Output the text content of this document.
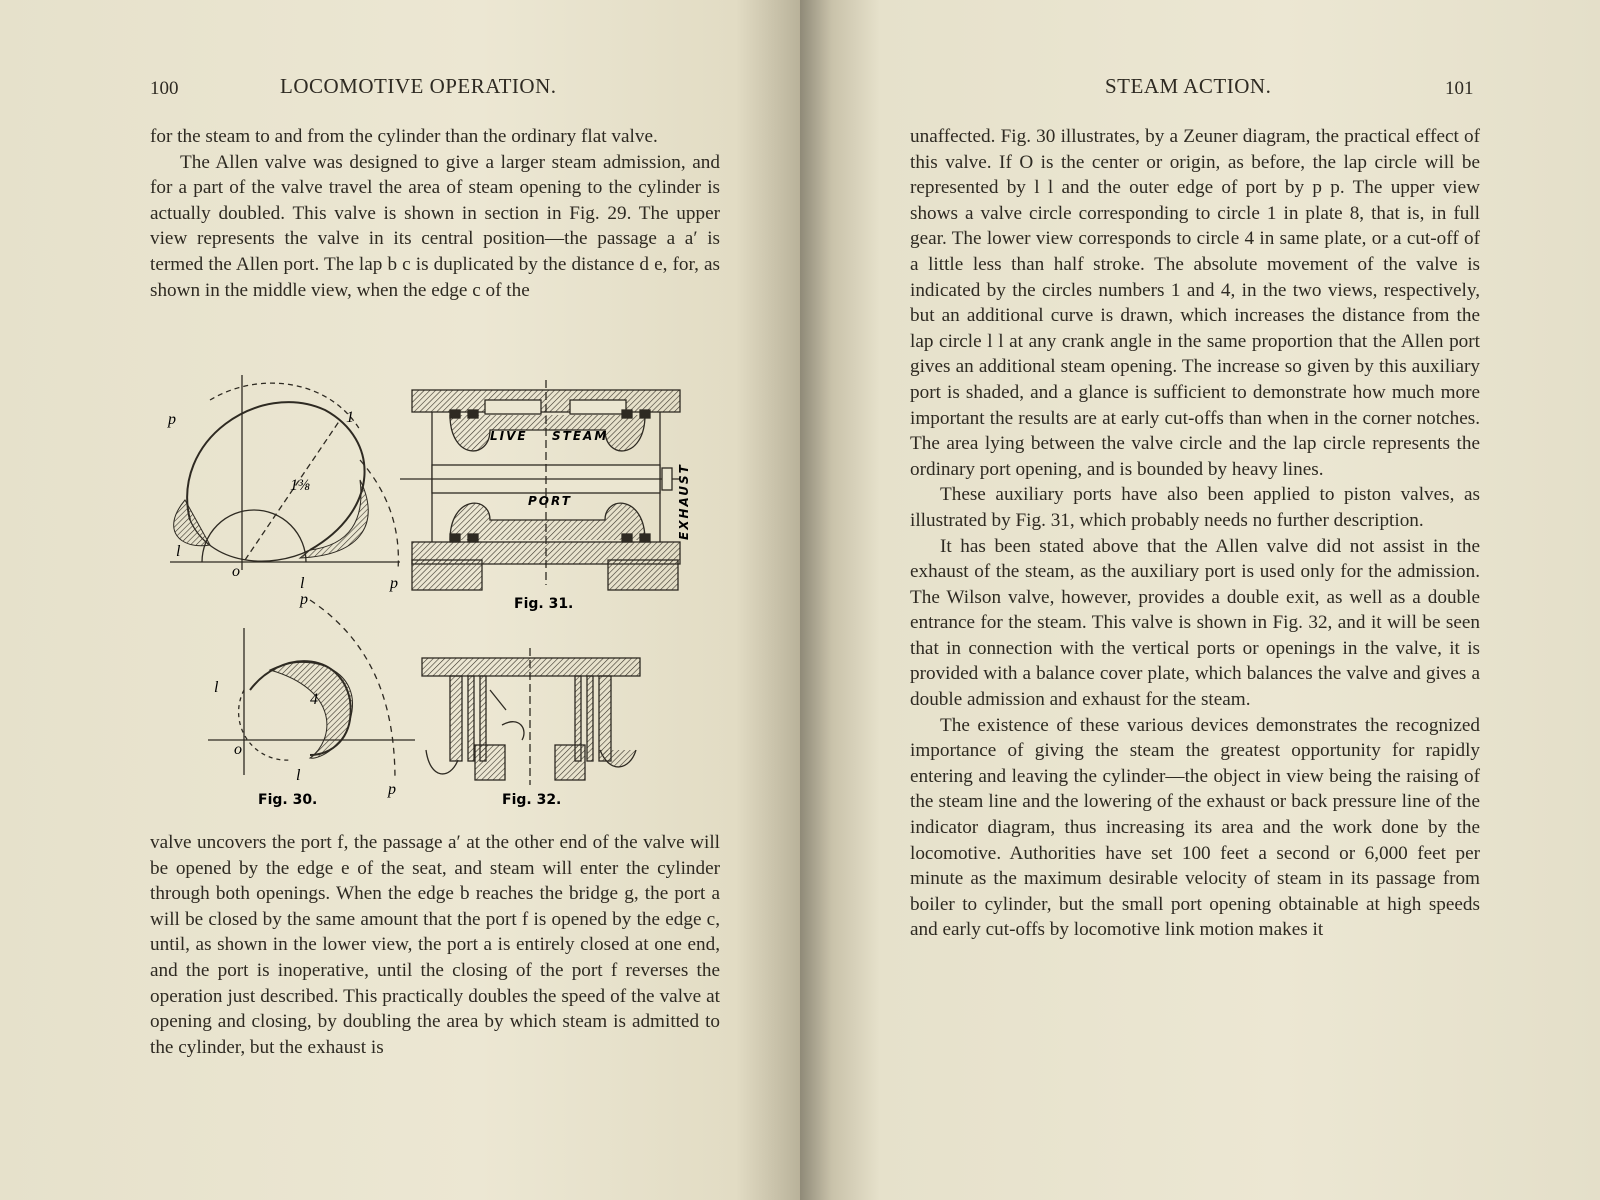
100	LOCOMOTIVE OPERATION.

for the steam to and from the cylinder than the ordinary flat valve.

The Allen valve was designed to give a larger steam admission, and for a part of the valve travel the area of steam opening to the cylinder is actually doubled. This valve is shown in section in Fig. 29. The upper view represents the valve in its central position—the passage a a′ is termed the Allen port. The lap b c is duplicated by the distance d e, for, as shown in the middle view, when the edge c of the

p	1
1⅜
l
o
l	p
p
l
4
o
l
p
Fig. 30.
LIVE STEAM
PORT	EXHAUST
Fig. 31.
Fig. 32.

valve uncovers the port f, the passage a′ at the other end of the valve will be opened by the edge e of the seat, and steam will enter the cylinder through both openings. When the edge b reaches the bridge g, the port a will be closed by the same amount that the port f is opened by the edge c, until, as shown in the lower view, the port a is entirely closed at one end, and the port is inoperative, until the closing of the port f reverses the operation just described. This practically doubles the speed of the valve at opening and closing, by doubling the area by which steam is admitted to the cylinder, but the exhaust is

STEAM ACTION.	101

unaffected. Fig. 30 illustrates, by a Zeuner diagram, the practical effect of this valve. If O is the center or origin, as before, the lap circle will be represented by l l and the outer edge of port by p p. The upper view shows a valve circle corresponding to circle 1 in plate 8, that is, in full gear. The lower view corresponds to circle 4 in same plate, or a cut-off of a little less than half stroke. The absolute movement of the valve is indicated by the circles numbers 1 and 4, in the two views, respectively, but an additional curve is drawn, which increases the distance from the lap circle l l at any crank angle in the same proportion that the Allen port gives an additional steam opening. The increase so given by this auxiliary port is shaded, and a glance is sufficient to demonstrate how much more important the results are at early cut-offs than when in the corner notches. The area lying between the valve circle and the lap circle represents the ordinary port opening, and is bounded by heavy lines.

These auxiliary ports have also been applied to piston valves, as illustrated by Fig. 31, which probably needs no further description.

It has been stated above that the Allen valve did not assist in the exhaust of the steam, as the auxiliary port is used only for the admission. The Wilson valve, however, provides a double exit, as well as a double entrance for the steam. This valve is shown in Fig. 32, and it will be seen that in connection with the vertical ports or openings in the valve, it is provided with a balance cover plate, which balances the valve and gives a double admission and exhaust for the steam.

The existence of these various devices demonstrates the recognized importance of giving the steam the greatest opportunity for rapidly entering and leaving the cylinder—the object in view being the raising of the steam line and the lowering of the exhaust or back pressure line of the indicator diagram, thus increasing its area and the work done by the locomotive. Authorities have set 100 feet a second or 6,000 feet per minute as the maximum desirable velocity of steam in its passage from boiler to cylinder, but the small port opening obtainable at high speeds and early cut-offs by locomotive link motion makes it
